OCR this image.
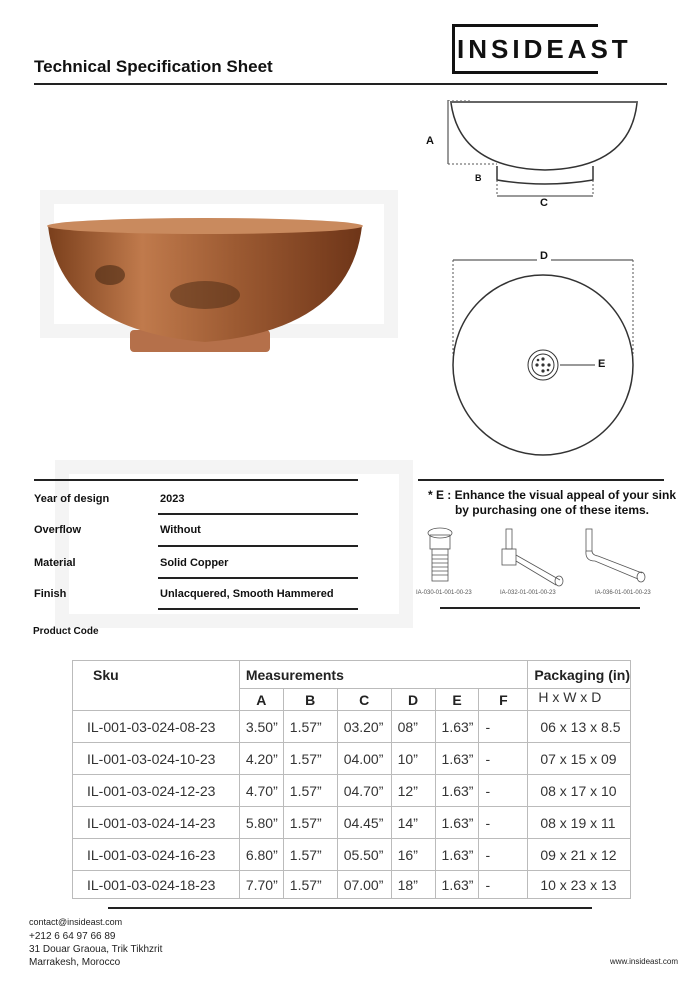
Technical Specification Sheet
INSIDEAST
A
B
C
D
E
Year of design	2023
Overflow	Without
Material	Solid Copper
Finish	Unlacquered, Smooth Hammered
Product Code
* E : Enhance the visual appeal of your sink
by purchasing one of these items.
IA-030-01-001-00-23	IA-032-01-001-00-23	IA-036-01-001-00-23
Sku	Measurements						Packaging (in)
	A	B	C	D	E	F	H x W x D
IL-001-03-024-08-23	3.50”	1.57”	03.20”	08”	1.63”	-	06 x 13 x 8.5
IL-001-03-024-10-23	4.20”	1.57”	04.00”	10”	1.63”	-	07 x 15 x 09
IL-001-03-024-12-23	4.70”	1.57”	04.70”	12”	1.63”	-	08 x 17 x 10
IL-001-03-024-14-23	5.80”	1.57”	04.45”	14”	1.63”	-	08 x 19 x 11
IL-001-03-024-16-23	6.80”	1.57”	05.50”	16”	1.63”	-	09 x 21 x 12
IL-001-03-024-18-23	7.70”	1.57”	07.00”	18”	1.63”	-	10 x 23 x 13
contact@insideast.com
+212 6 64 97 66 89
31 Douar Graoua, Trik Tikhzrit
Marrakesh, Morocco	www.insideast.com
